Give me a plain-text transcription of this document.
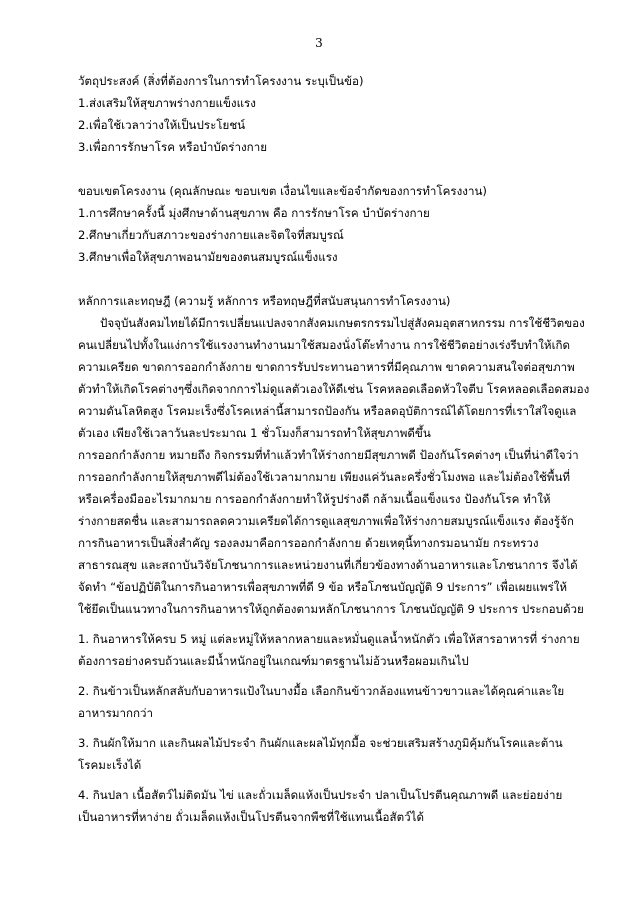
3
วัตถุประสงค์ (สิ่งที่ต้องการในการทำโครงงาน ระบุเป็นข้อ)
1.ส่งเสริมให้สุขภาพร่างกายแข็งแรง
2.เพื่อใช้เวลาว่างให้เป็นประโยชน์
3.เพื่อการรักษาโรค หรือบำบัดร่างกาย
ขอบเขตโครงงาน (คุณลักษณะ ขอบเขต เงื่อนไขและข้อจำกัดของการทำโครงงาน)
1.การศึกษาครั้งนี้ มุ่งศึกษาด้านสุขภาพ คือ การรักษาโรค บำบัดร่างกาย
2.ศึกษาเกี่ยวกับสภาวะของร่างกายและจิตใจที่สมบูรณ์
3.ศึกษาเพื่อให้สุขภาพอนามัยของตนสมบูรณ์แข็งแรง
หลักการและทฤษฎี (ความรู้ หลักการ หรือทฤษฎีที่สนับสนุนการทำโครงงาน)
ปัจจุบันสังคมไทยได้มีการเปลี่ยนแปลงจากสังคมเกษตรกรรมไปสู่สังคมอุตสาหกรรม การใช้ชีวิตของ
คนเปลี่ยนไปทั้งในแง่การใช้แรงงานทำงานมาใช้สมองนั่งโต๊ะทำงาน การใช้ชีวิตอย่างเร่งรีบทำให้เกิด
ความเครียด ขาดการออกกำลังกาย ขาดการรับประทานอาหารที่มีคุณภาพ ขาดความสนใจต่อสุขภาพ
ตัวทำให้เกิดโรคต่างๆซึ่งเกิดจากการไม่ดูแลตัวเองให้ดีเช่น โรคหลอดเลือดหัวใจตีบ โรคหลอดเลือดสมอง
ความดันโลหิตสูง โรคมะเร็งซึ่งโรคเหล่านี้สามารถป้องกัน หรือลดอุบัติการณ์ได้โดยการที่เราใส่ใจดูแล
ตัวเอง เพียงใช้เวลาวันละประมาณ 1 ชั่วโมงก็สามารถทำให้สุขภาพดีขึ้น
การออกกำลังกาย หมายถึง กิจกรรมที่ทำแล้วทำให้ร่างกายมีสุขภาพดี ป้องกันโรคต่างๆ เป็นที่น่าดีใจว่า
การออกกำลังกายให้สุขภาพดีไม่ต้องใช้เวลามากมาย เพียงแค่วันละครึ่งชั่วโมงพอ และไม่ต้องใช้พื้นที่
หรือเครื่องมืออะไรมากมาย การออกกำลังกายทำให้รูปร่างดี กล้ามเนื้อแข็งแรง ป้องกันโรค ทำให้
ร่างกายสดชื่น และสามารถลดความเครียดได้การดูแลสุขภาพเพื่อให้ร่างกายสมบูรณ์แข็งแรง ต้องรู้จัก
การกินอาหารเป็นสิ่งสำคัญ รองลงมาคือการออกกำลังกาย ด้วยเหตุนี้ทางกรมอนามัย กระทรวง
สาธารณสุข และสถาบันวิจัยโภชนาการและหน่วยงานที่เกี่ยวข้องทางด้านอาหารและโภชนาการ จึงได้
จัดทำ “ข้อปฏิบัติในการกินอาหารเพื่อสุขภาพที่ดี 9 ข้อ หรือโภชนบัญญัติ 9 ประการ” เพื่อเผยแพร่ให้
ใช้ยึดเป็นแนวทางในการกินอาหารให้ถูกต้องตามหลักโภชนาการ โภชนบัญญัติ 9 ประการ ประกอบด้วย
1. กินอาหารให้ครบ 5 หมู่ แต่ละหมู่ให้หลากหลายและหมั่นดูแลน้ำหนักตัว เพื่อให้สารอาหารที่ ร่างกาย
ต้องการอย่างครบถ้วนและมีน้ำหนักอยู่ในเกณฑ์มาตรฐานไม่อ้วนหรือผอมเกินไป
2. กินข้าวเป็นหลักสลับกับอาหารแป้งในบางมื้อ เลือกกินข้าวกล้องแทนข้าวขาวและได้คุณค่าและใย
อาหารมากกว่า
3. กินผักให้มาก และกินผลไม้ประจำ กินผักและผลไม้ทุกมื้อ จะช่วยเสริมสร้างภูมิคุ้มกันโรคและต้าน
โรคมะเร็งได้
4. กินปลา เนื้อสัตว์ไม่ติดมัน ไข่ และถั่วเมล็ดแห้งเป็นประจำ ปลาเป็นโปรตีนคุณภาพดี และย่อยง่าย
เป็นอาหารที่หาง่าย ถั่วเมล็ดแห้งเป็นโปรตีนจากพืชที่ใช้แทนเนื้อสัตว์ได้
